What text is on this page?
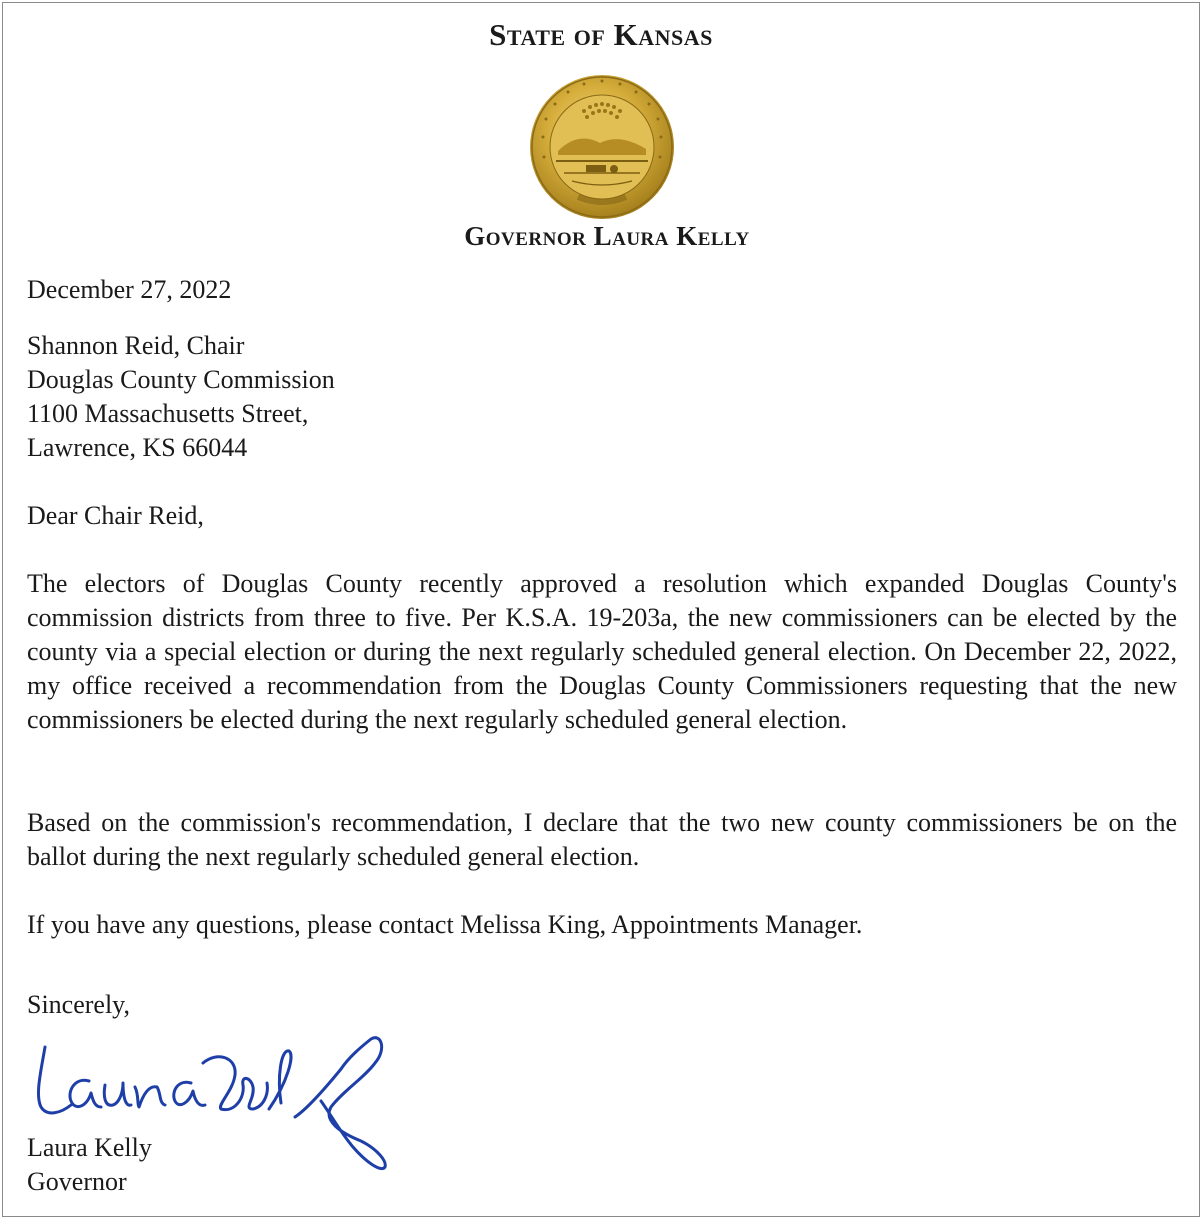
State of Kansas
Governor Laura Kelly
December 27, 2022
Shannon Reid, Chair
Douglas County Commission
1100 Massachusetts Street,
Lawrence, KS 66044
Dear Chair Reid,
The electors of Douglas County recently approved a resolution which expanded Douglas County's commission districts from three to five. Per K.S.A. 19-203a, the new commissioners can be elected by the county via a special election or during the next regularly scheduled general election. On December 22, 2022, my office received a recommendation from the Douglas County Commissioners requesting that the new commissioners be elected during the next regularly scheduled general election.
Based on the commission's recommendation, I declare that the two new county commissioners be on the ballot during the next regularly scheduled general election.
If you have any questions, please contact Melissa King, Appointments Manager.
Sincerely,
Laura Kelly
Governor
